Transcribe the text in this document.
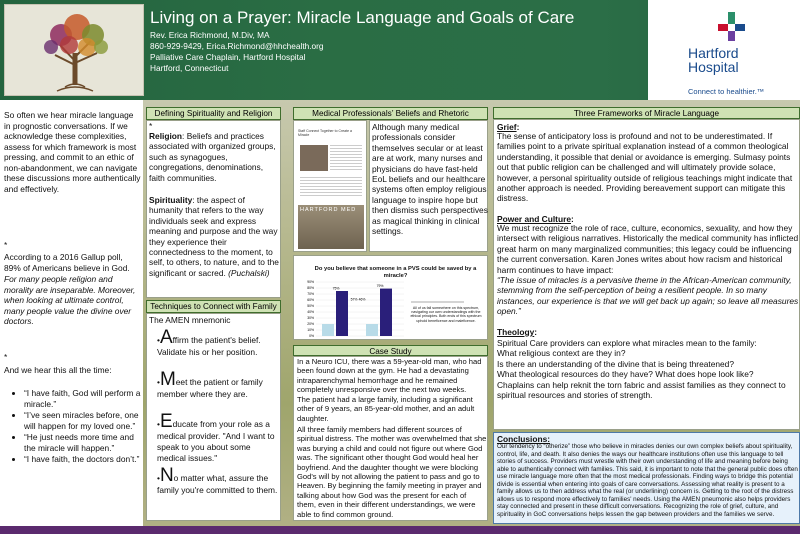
Living on a Prayer: Miracle Language and Goals of Care
Rev. Erica Richmond, M.Div, MA
860-929-9429, Erica.Richmond@hhchealth.org
Palliative Care Chaplain, Hartford Hospital
Hartford, Connecticut
Hartford
Hospital
Connect to healthier.™
So often we hear miracle language in prognostic conversations. If we acknowledge these complexities, assess for which framework is most pressing, and commit to an ethic of non-abandonment, we can navigate these discussions more authentically and effectively.
*
According to a 2016 Gallup poll, 89% of Americans believe in God.
For many people religion and morality are inseparable. Moreover, when looking at ultimate control, many people value the divine over doctors.
*
And we hear this all the time:
• “I have faith, God will perform a miracle.”
• “I’ve seen miracles before, one will happen for my loved one.”
• “He just needs more time and the miracle will happen.”
• “I have faith, the doctors don’t.”
Defining Spirituality and Religion
*
Religion: Beliefs and practices associated with organized groups, such as synagogues, congregations, denominations, faith communities.
Spirituality: the aspect of humanity that refers to the way individuals seek and express meaning and purpose and the way they experience their connectedness to the moment, to self, to others, to nature, and to the significant or sacred. (Puchalski)
Techniques to Connect with Family
The AMEN mnemonic
•Affirm the patient's belief. Validate his or her position.
•Meet the patient or family member where they are.
•Educate from your role as a medical provider. "And I want to speak to you about some medical issues."
•No matter what, assure the family you're committed to them.
Medical Professionals’ Beliefs and Rhetoric
Staff Connect Together to Create a Miracle
HARTFORD MED
Although many medical professionals consider themselves secular or at least are at work, many nurses and physicians do have fast-held EoL beliefs and our healthcare systems often employ religious language to inspire hope but then dismiss such perspectives as magical thinking in clinical settings.
Do you believe that someone in a PVS could be saved by a miracle?
90%
80%
70%
60%
50%
40%
30%
20%
10%
0%
75%
57% 46%
79%
All of us fall somewhere on this spectrum, navigating our own understandings with the ethical principles. Both ends of this spectrum uphold beneficence and maleficence.
Case Study
In a Neuro ICU, there was a 59-year-old man, who had been found down at the gym. He had a devastating intraparenchymal hemorrhage and he remained completely unresponsive over the next two weeks.
The patient had a large family, including a significant other of 9 years, an 85-year-old mother, and an adult daughter.
All three family members had different sources of spiritual distress. The mother was overwhelmed that she was burying a child and could not figure out where God was. The significant other thought God would heal her boyfriend. And the daughter thought we were blocking God's will by not allowing the patient to pass and go to Heaven. By beginning the family meeting in prayer and talking about how God was the present for each of them, even in their different understandings, we were able to find common ground.
Three Frameworks of Miracle Language
Grief:
The sense of anticipatory loss is profound and not to be underestimated. If families point to a private spiritual explanation instead of a common theological understanding, it possible that denial or avoidance is emerging. Sulmasy points out that public religion can be challenged and will ultimately provide solace, however, a personal spirituality outside of religious teachings might indicate that another approach is needed. Providing bereavement support can mitigate this distress.
Power and Culture:
We must recognize the role of race, culture, economics, sexuality, and how they intersect with religious narratives. Historically the medical community has inflicted great harm on many marginalized communities; this legacy could be influencing the current conversation. Karen Jones writes about how racism and historical harm continues to have impact:
“The issue of miracles is a pervasive theme in the African-American community, stemming from the self-perception of being a resilient people. In so many instances, our experience is that we will get back up again; so leave all measures open.”
Theology:
Spiritual Care providers can explore what miracles mean to the family:
What religious context are they in?
Is there an understanding of the divine that is being threatened?
What theological resources do they have? What does hope look like?
Chaplains can help reknit the torn fabric and assist families as they connect to spiritual resources and stories of strength.
Conclusions:
Our tendency to “otherize” those who believe in miracles denies our own complex beliefs about spirituality, control, life, and death. It also denies the ways our healthcare institutions often use this language to tell stories of success. Providers must wrestle with their own understanding of life and meaning before being able to authentically connect with families. This said, it is important to note that the general public does often use miracle language more often that the most medical professionals. Finding ways to bridge this potential divide is essential when entering into goals of care conversations. Assessing what reality is present to a family allows us to then address what the real (or underlining) concern is. Getting to the root of the distress allows us to respond more effectively to families' needs. Using the AMEN pneumonic also helps providers stay connected and present in these difficult conversations. Recognizing the role of grief, culture, and spirituality in GoC conversations helps lessen the gap between providers and the families we serve.
